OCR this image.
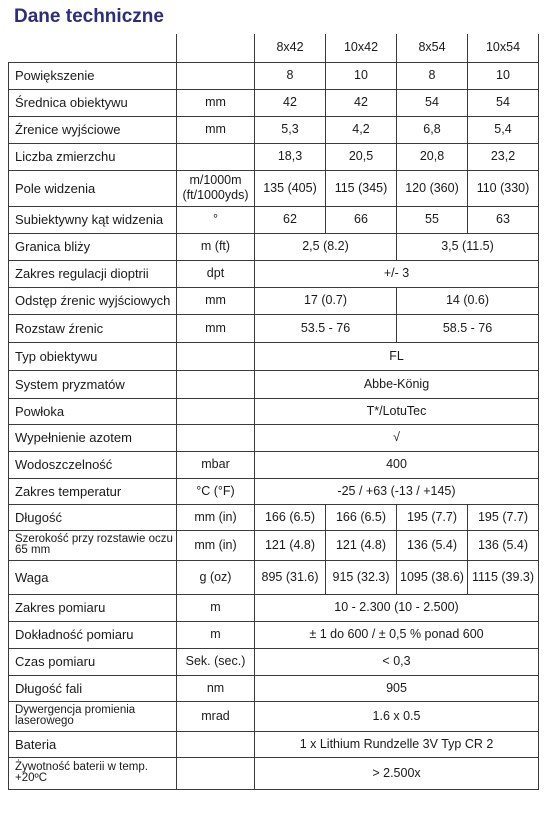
Dane techniczne
		8x42	10x42	8x54	10x54
Powiększenie		8	10	8	10
Średnica obiektywu	mm	42	42	54	54
Źrenice wyjściowe	mm	5,3	4,2	6,8	5,4
Liczba zmierzchu		18,3	20,5	20,8	23,2
Pole widzenia	m/1000m (ft/1000yds)	135 (405)	115 (345)	120 (360)	110 (330)
Subiektywny kąt widzenia	°	62	66	55	63
Granica bliży	m (ft)	2,5 (8.2)		3,5 (11.5)	
Zakres regulacji dioptrii	dpt	+/- 3			
Odstęp źrenic wyjściowych	mm	17 (0.7)		14 (0.6)	
Rozstaw źrenic	mm	53.5 - 76		58.5 - 76	
Typ obiektywu		FL			
System pryzmatów		Abbe-König			
Powłoka		T*/LotuTec			
Wypełnienie azotem		√			
Wodoszczelność	mbar	400			
Zakres temperatur	°C (°F)	-25 / +63 (-13 / +145)			
Długość	mm (in)	166 (6.5)	166 (6.5)	195 (7.7)	195 (7.7)
Szerokość przy rozstawie oczu 65 mm	mm (in)	121 (4.8)	121 (4.8)	136 (5.4)	136 (5.4)
Waga	g (oz)	895 (31.6)	915 (32.3)	1095 (38.6)	1115 (39.3)
Zakres pomiaru	m	10 - 2.300 (10 - 2.500)			
Dokładność pomiaru	m	± 1 do 600 / ± 0,5 % ponad 600			
Czas pomiaru	Sek. (sec.)	< 0,3			
Długość fali	nm	905			
Dywergencja promienia laserowego	mrad	1.6 x 0.5			
Bateria		1 x Lithium Rundzelle 3V Typ CR 2			
Żywotność baterii w temp. +20ºC		> 2.500x			
